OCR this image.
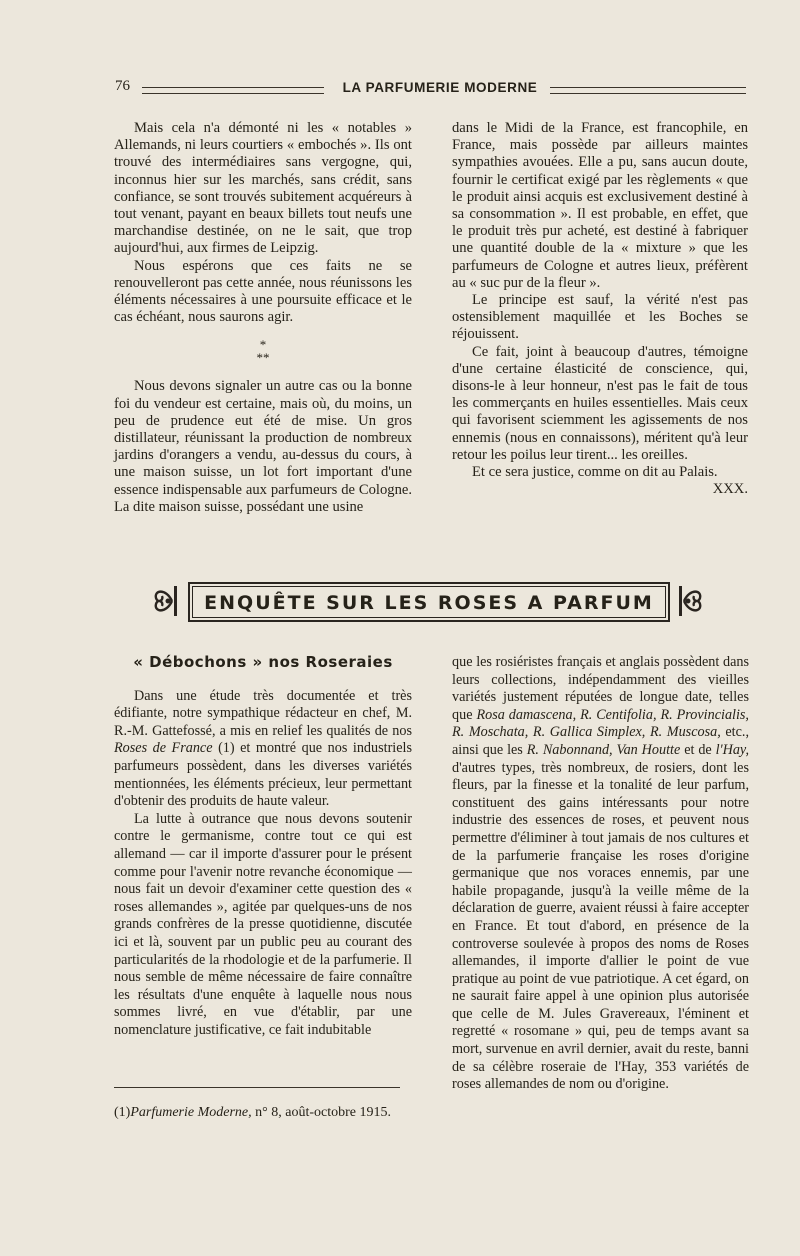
76	LA PARFUMERIE MODERNE

Mais cela n'a démonté ni les « notables » Allemands, ni leurs courtiers « embochés ». Ils ont trouvé des intermédiaires sans vergogne, qui, inconnus hier sur les marchés, sans crédit, sans confiance, se sont trouvés subitement acquéreurs à tout venant, payant en beaux billets tout neufs une marchandise destinée, on ne le sait, que trop aujourd'hui, aux firmes de Leipzig.

Nous espérons que ces faits ne se renouvelleront pas cette année, nous réunissons les éléments nécessaires à une poursuite efficace et le cas échéant, nous saurons agir.

*
**

Nous devons signaler un autre cas ou la bonne foi du vendeur est certaine, mais où, du moins, un peu de prudence eut été de mise. Un gros distillateur, réunissant la production de nombreux jardins d'orangers a vendu, au-dessus du cours, à une maison suisse, un lot fort important d'une essence indispensable aux parfumeurs de Cologne. La dite maison suisse, possédant une usine

dans le Midi de la France, est francophile, en France, mais possède par ailleurs maintes sympathies avouées. Elle a pu, sans aucun doute, fournir le certificat exigé par les règlements « que le produit ainsi acquis est exclusivement destiné à sa consommation ». Il est probable, en effet, que le produit très pur acheté, est destiné à fabriquer une quantité double de la « mixture » que les parfumeurs de Cologne et autres lieux, préfèrent au « suc pur de la fleur ».

Le principe est sauf, la vérité n'est pas ostensiblement maquillée et les Boches se réjouissent.

Ce fait, joint à beaucoup d'autres, témoigne d'une certaine élasticité de conscience, qui, disons-le à leur honneur, n'est pas le fait de tous les commerçants en huiles essentielles. Mais ceux qui favorisent sciemment les agissements de nos ennemis (nous en connaissons), méritent qu'à leur retour les poilus leur tirent... les oreilles.

Et ce sera justice, comme on dit au Palais.

XXX.
ENQUÊTE SUR LES ROSES A PARFUM
« Débochons » nos Roseraies

Dans une étude très documentée et très édifiante, notre sympathique rédacteur en chef, M. R.-M. Gattefossé, a mis en relief les qualités de nos Roses de France (1) et montré que nos industriels parfumeurs possèdent, dans les diverses variétés mentionnées, les éléments précieux, leur permettant d'obtenir des produits de haute valeur.

La lutte à outrance que nous devons soutenir contre le germanisme, contre tout ce qui est allemand — car il importe d'assurer pour le présent comme pour l'avenir notre revanche économique — nous fait un devoir d'examiner cette question des « roses allemandes », agitée par quelques-uns de nos grands confrères de la presse quotidienne, discutée ici et là, souvent par un public peu au courant des particularités de la rhodologie et de la parfumerie. Il nous semble de même nécessaire de faire connaître les résultats d'une enquête à laquelle nous nous sommes livré, en vue d'établir, par une nomenclature justificative, ce fait indubitable

que les rosiéristes français et anglais possèdent dans leurs collections, indépendamment des vieilles variétés justement réputées de longue date, telles que Rosa damascena, R. Centifolia, R. Provincialis, R. Moschata, R. Gallica Simplex, R. Muscosa, etc., ainsi que les R. Nabonnand, Van Houtte et de l'Hay, d'autres types, très nombreux, de rosiers, dont les fleurs, par la finesse et la tonalité de leur parfum, constituent des gains intéressants pour notre industrie des essences de roses, et peuvent nous permettre d'éliminer à tout jamais de nos cultures et de la parfumerie française les roses d'origine germanique que nos voraces ennemis, par une habile propagande, jusqu'à la veille même de la déclaration de guerre, avaient réussi à faire accepter en France. Et tout d'abord, en présence de la controverse soulevée à propos des noms de Roses allemandes, il importe d'allier le point de vue pratique au point de vue patriotique. A cet égard, on ne saurait faire appel à une opinion plus autorisée que celle de M. Jules Gravereaux, l'éminent et regretté « rosomane » qui, peu de temps avant sa mort, survenue en avril dernier, avait du reste, banni de sa célèbre roseraie de l'Hay, 353 variétés de roses allemandes de nom ou d'origine.

(1)Parfumerie Moderne, n° 8, août-octobre 1915.
